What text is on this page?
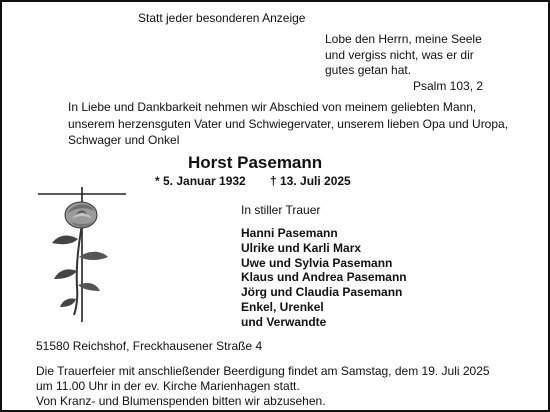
Statt jeder besonderen Anzeige
Lobe den Herrn, meine Seele
und vergiss nicht, was er dir
gutes getan hat.
Psalm 103, 2
In Liebe und Dankbarkeit nehmen wir Abschied von meinem geliebten Mann,
unserem herzensguten Vater und Schwiegervater, unserem lieben Opa und Uropa,
Schwager und Onkel
Horst Pasemann
* 5. Januar 1932 † 13. Juli 2025
In stiller Trauer
Hanni Pasemann
Ulrike und Karli Marx
Uwe und Sylvia Pasemann
Klaus und Andrea Pasemann
Jörg und Claudia Pasemann
Enkel, Urenkel
und Verwandte
51580 Reichshof, Freckhausener Straße 4
Die Trauerfeier mit anschließender Beerdigung findet am Samstag, dem 19. Juli 2025
um 11.00 Uhr in der ev. Kirche Marienhagen statt.
Von Kranz- und Blumenspenden bitten wir abzusehen.
